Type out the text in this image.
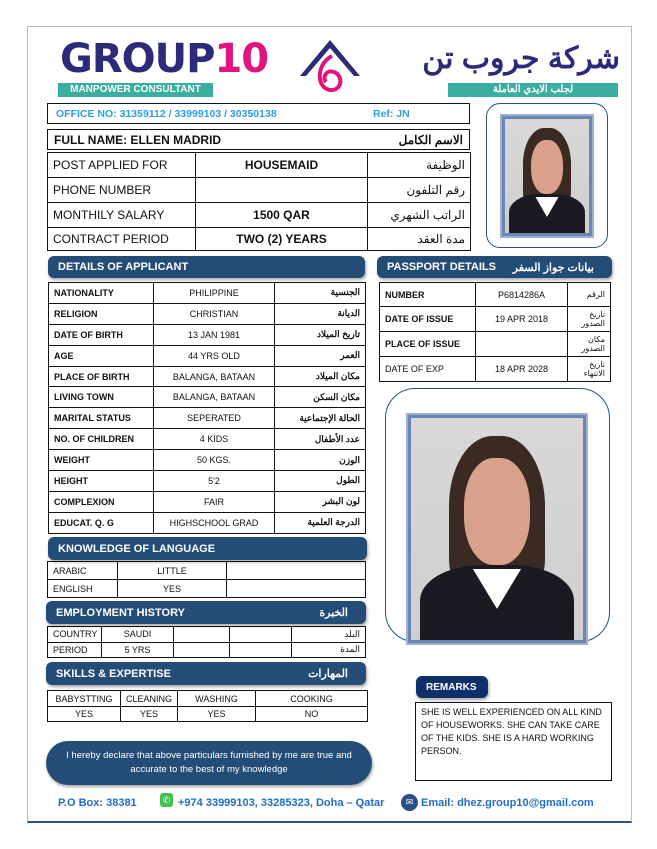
GROUP10
MANPOWER CONSULTANT
شركة جروب تن
لجلب الايدي العاملة
OFFICE NO: 31359112 / 33999103 / 30350138	Ref: JN
FULL NAME: ELLEN MADRID	الاسم الكامل
POST APPLIED FOR	HOUSEMAID	الوظيفة
PHONE NUMBER		رقم التلفون
MONTHILY SALARY	1500 QAR	الراتب الشهري
CONTRACT PERIOD	TWO (2) YEARS	مدة العقد
DETAILS OF APPLICANT
NATIONALITY	PHILIPPINE	الجنسية
RELIGION	CHRISTIAN	الديانة
DATE OF BIRTH	13 JAN 1981	تاريخ الميلاد
AGE	44 YRS OLD	العمر
PLACE OF BIRTH	BALANGA, BATAAN	مكان الميلاد
LIVING TOWN	BALANGA, BATAAN	مكان السكن
MARITAL STATUS	SEPERATED	الحالة الإجتماعية
NO. OF CHILDREN	4 KIDS	عدد الأطفال
WEIGHT	50 KGS.	الوزن
HEIGHT	5'2	الطول
COMPLEXION	FAIR	لون البشر
EDUCAT. Q. G	HIGHSCHOOL GRAD	الدرجة العلمية
PASSPORT DETAILS بيانات جواز السفر
NUMBER	P6814286A	الرقم
DATE OF ISSUE	19 APR 2018	تاريخ الصدور
PLACE OF ISSUE		مكان الصدور
DATE OF EXP	18 APR 2028	تاريخ الانتهاء
KNOWLEDGE OF LANGUAGE
ARABIC	LITTLE	
ENGLISH	YES	
EMPLOYMENT HISTORY	الخبرة
COUNTRY	SAUDI			البلد
PERIOD	5 YRS			المدة
SKILLS & EXPERTISE	المهارات
BABYSTTING	CLEANING	WASHING	COOKING
YES	YES	YES	NO
REMARKS
SHE IS WELL EXPERIENCED ON ALL KIND OF HOUSEWORKS. SHE CAN TAKE CARE OF THE KIDS. SHE IS A HARD WORKING PERSON.
I hereby declare that above particulars furnished by me are true and accurate to the best of my knowledge
P.O Box: 38381	✆ +974 33999103, 33285323, Doha – Qatar	✉ Email: dhez.group10@gmail.com
